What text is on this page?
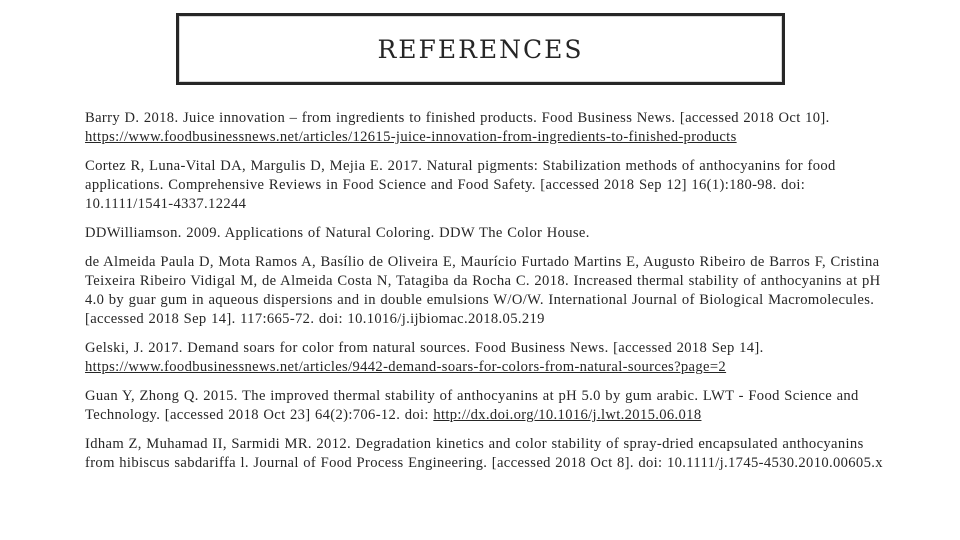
REFERENCES

Barry D. 2018. Juice innovation – from ingredients to finished products. Food Business News. [accessed 2018 Oct 10].
https://www.foodbusinessnews.net/articles/12615-juice-innovation-from-ingredients-to-finished-products

Cortez R, Luna-Vital DA, Margulis D, Mejia E. 2017. Natural pigments: Stabilization methods of anthocyanins for food applications. Comprehensive Reviews in Food Science and Food Safety. [accessed 2018 Sep 12] 16(1):180-98. doi: 10.1111/1541-4337.12244

DDWilliamson. 2009. Applications of Natural Coloring. DDW The Color House.

de Almeida Paula D, Mota Ramos A, Basílio de Oliveira E, Maurício Furtado Martins E, Augusto Ribeiro de Barros F, Cristina Teixeira Ribeiro Vidigal M, de Almeida Costa N, Tatagiba da Rocha C. 2018. Increased thermal stability of anthocyanins at pH 4.0 by guar gum in aqueous dispersions and in double emulsions W/O/W. International Journal of Biological Macromolecules. [accessed 2018 Sep 14]. 117:665-72. doi: 10.1016/j.ijbiomac.2018.05.219

Gelski, J. 2017. Demand soars for color from natural sources. Food Business News. [accessed 2018 Sep 14].
https://www.foodbusinessnews.net/articles/9442-demand-soars-for-colors-from-natural-sources?page=2

Guan Y, Zhong Q. 2015. The improved thermal stability of anthocyanins at pH 5.0 by gum arabic. LWT - Food Science and Technology. [accessed 2018 Oct 23] 64(2):706-12. doi: http://dx.doi.org/10.1016/j.lwt.2015.06.018

Idham Z, Muhamad II, Sarmidi MR. 2012. Degradation kinetics and color stability of spray-dried encapsulated anthocyanins from hibiscus sabdariffa l. Journal of Food Process Engineering. [accessed 2018 Oct 8]. doi: 10.1111/j.1745-4530.2010.00605.x
